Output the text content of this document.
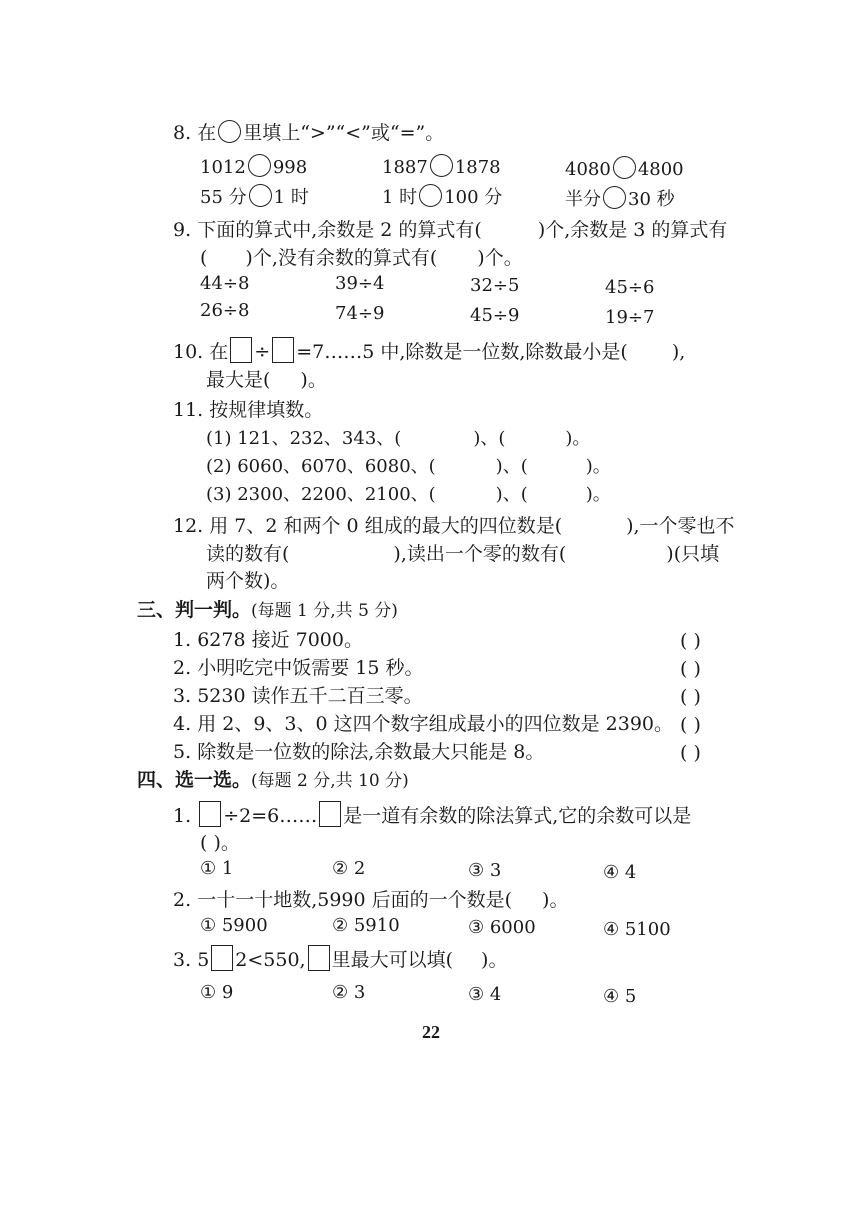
8. 在 里填上“>”“<”或“=”。
1012 998	1887 1878	4080 4800
55 分 1 时	1 时 100 分	半分 30 秒
9. 下面的算式中,余数是 2 的算式有(	)个,余数是 3 的算式有
( )个,没有余数的算式有( )个。
44÷8	39÷4	32÷5	45÷6
26÷8	74÷9	45÷9	19÷7
10. 在 ÷ =7……5 中,除数是一位数,除数最小是( ),
最大是( )。
11. 按规律填数。
(1) 121、232、343、(	)、(	)。
(2) 6060、6070、6080、(	)、(	)。
(3) 2300、2200、2100、(	)、(	)。
12. 用 7、2 和两个 0 组成的最大的四位数是(	),一个零也不
读的数有(	),读出一个零的数有(	)(只填
两个数)。
三、判一判。(每题 1 分,共 5 分)
1. 6278 接近 7000。	( )
2. 小明吃完中饭需要 15 秒。	( )
3. 5230 读作五千二百三零。	( )
4. 用 2、9、3、0 这四个数字组成最小的四位数是 2390。 ( )
5. 除数是一位数的除法,余数最大只能是 8。	( )
四、选一选。(每题 2 分,共 10 分)
1. ÷2=6…… 是一道有余数的除法算式,它的余数可以是
( )。
① 1	② 2	③ 3	④ 4
2. 一十一十地数,5990 后面的一个数是( )。
① 5900	② 5910	③ 6000	④ 5100
3. 5 2<550, 里最大可以填( )。
① 9	② 3	③ 4	④ 5
22
